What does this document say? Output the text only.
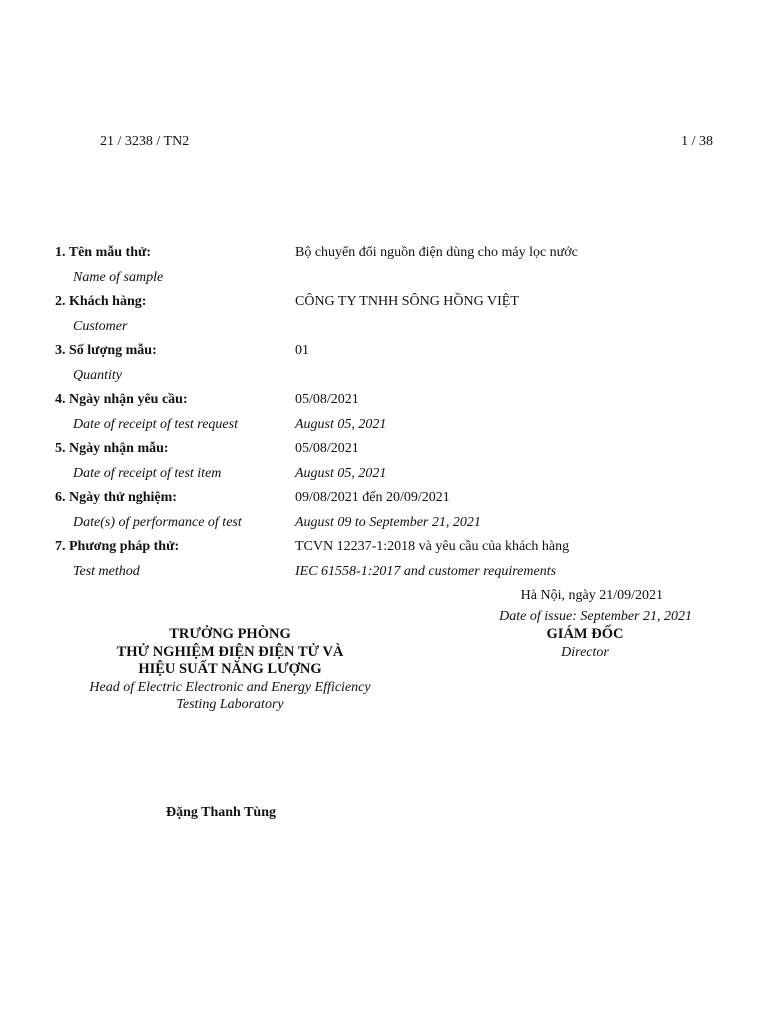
21 / 3238 / TN2	1 / 38
1. Tên mẫu thử:	Bộ chuyển đổi nguồn điện dùng cho máy lọc nước
Name of sample
2. Khách hàng:	CÔNG TY TNHH SÔNG HỒNG VIỆT
Customer
3. Số lượng mẫu:	01
Quantity
4. Ngày nhận yêu cầu:	05/08/2021
Date of receipt of test request	August 05, 2021
5. Ngày nhận mẫu:	05/08/2021
Date of receipt of test item	August 05, 2021
6. Ngày thử nghiệm:	09/08/2021 đến 20/09/2021
Date(s) of performance of test	August 09 to September 21, 2021
7. Phương pháp thử:	TCVN 12237-1:2018 và yêu cầu của khách hàng
Test method	IEC 61558-1:2017 and customer requirements
Hà Nội, ngày 21/09/2021
Date of issue: September 21, 2021
TRƯỞNG PHÒNG
THỬ NGHIỆM ĐIỆN ĐIỆN TỬ VÀ
HIỆU SUẤT NĂNG LƯỢNG
Head of Electric Electronic and Energy Efficiency
Testing Laboratory
Đặng Thanh Tùng
GIÁM ĐỐC
Director
